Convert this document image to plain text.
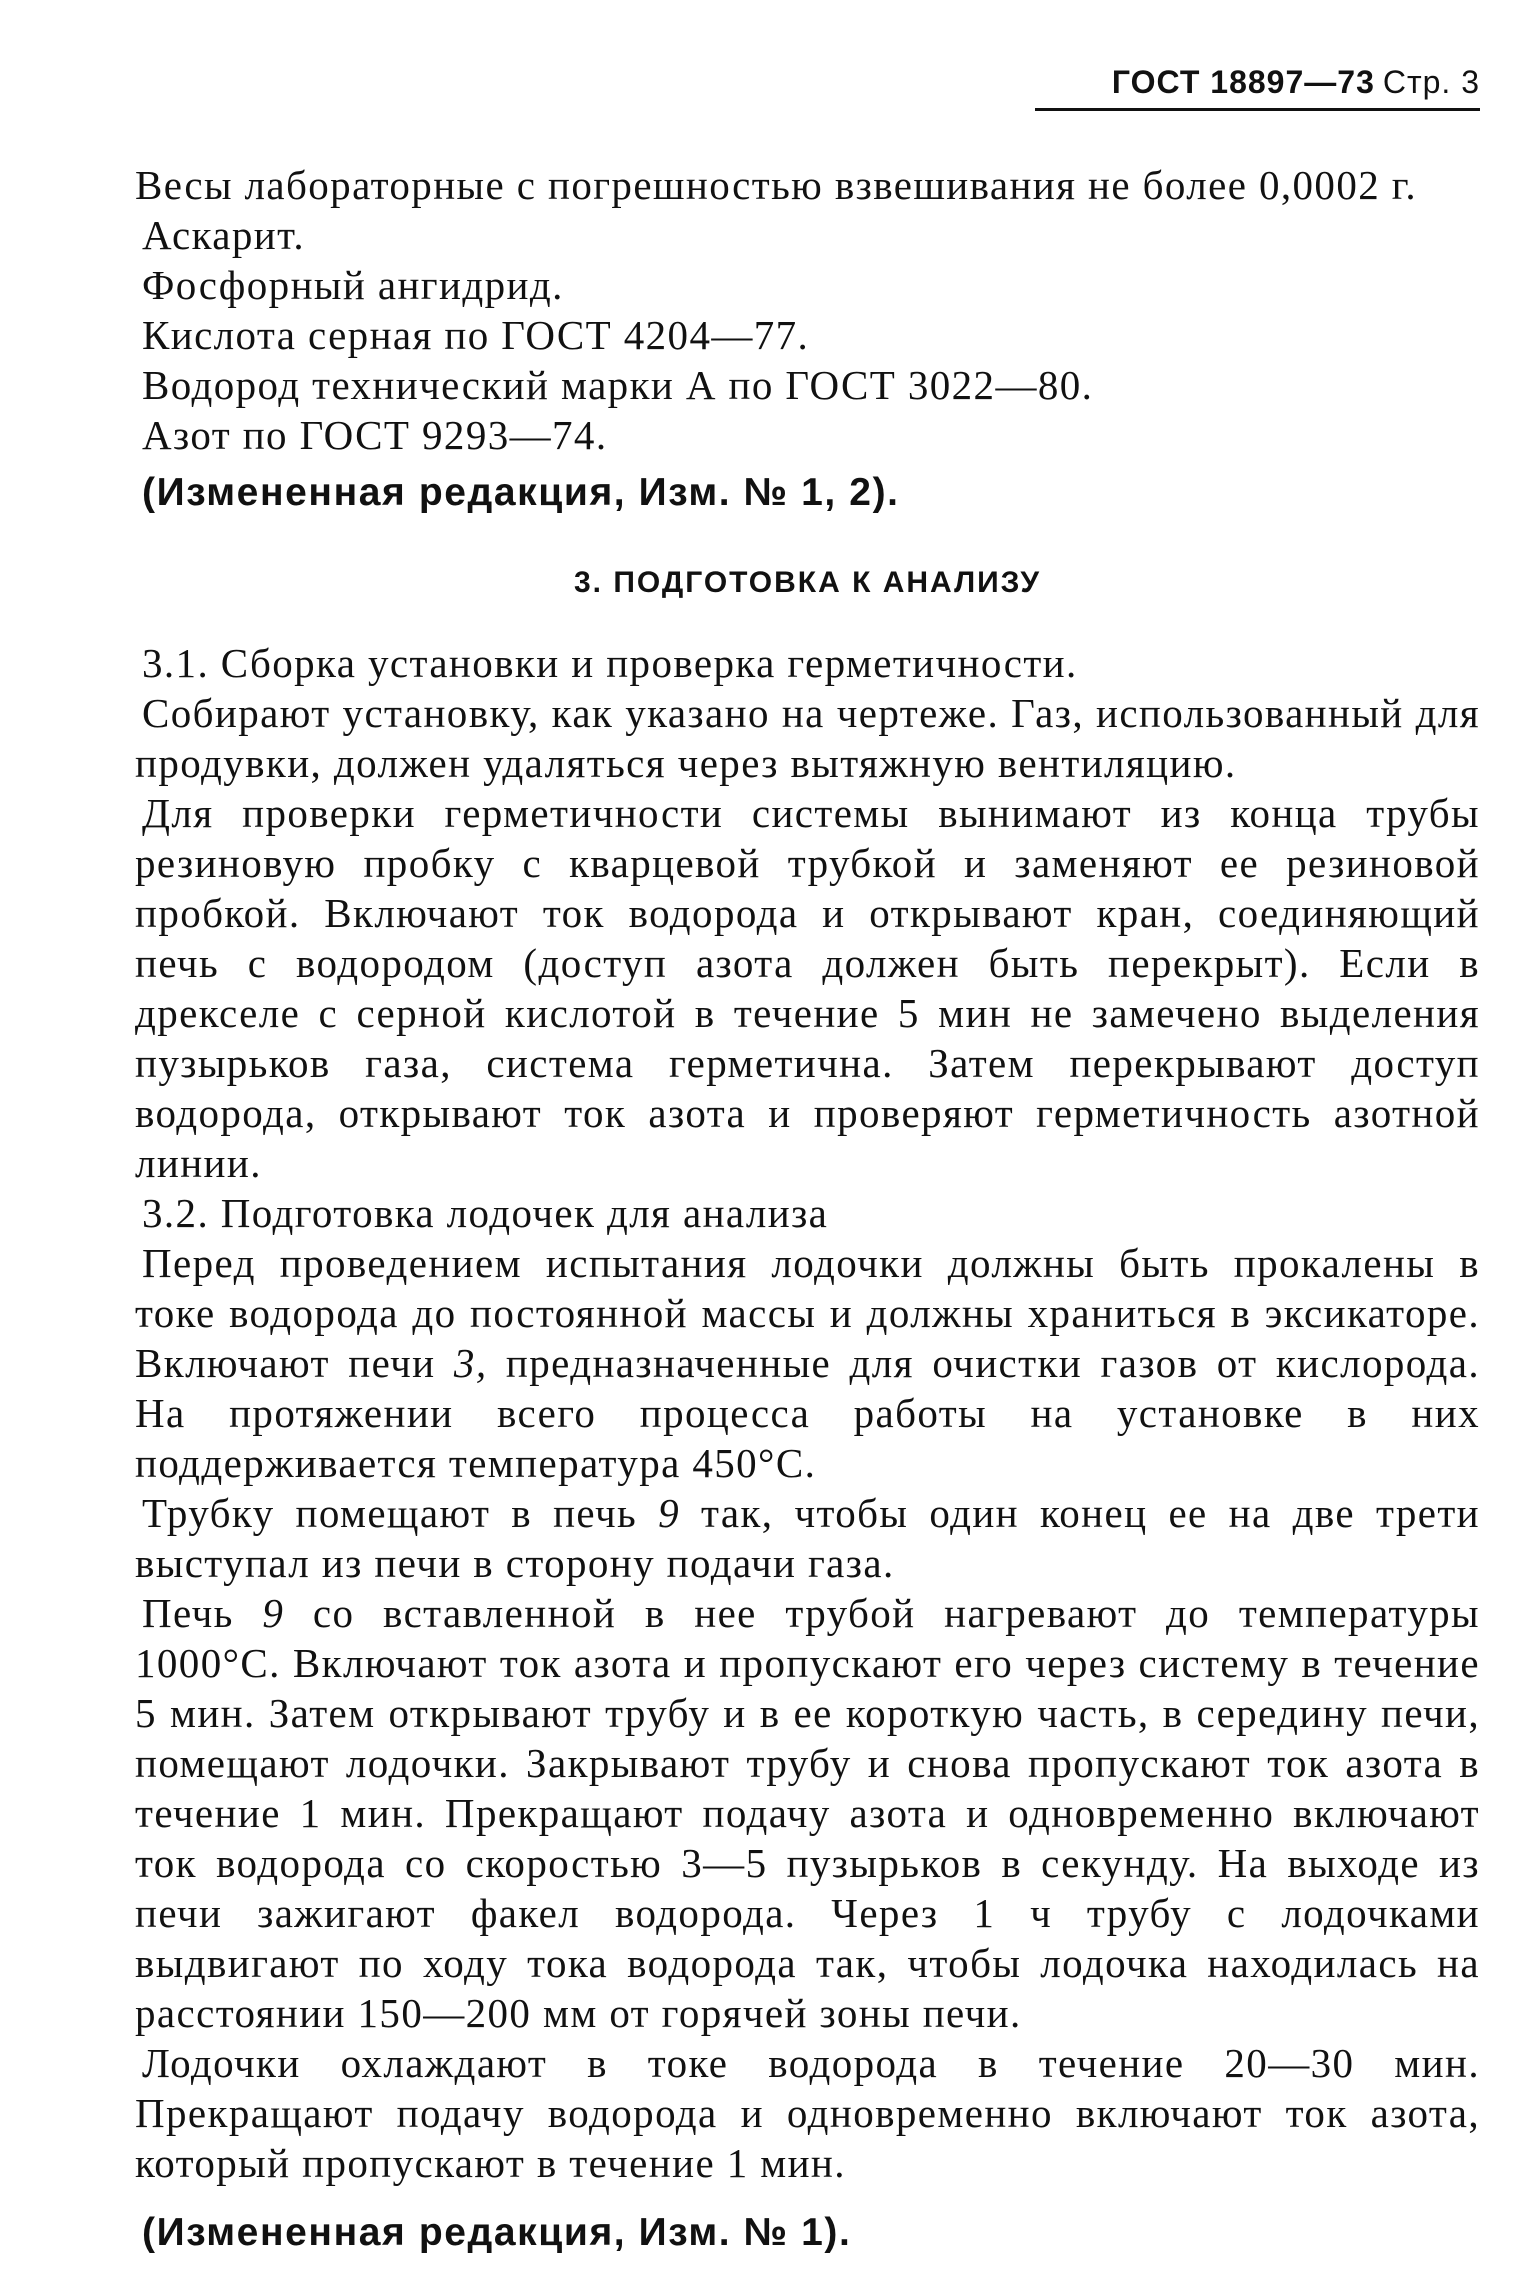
ГОСТ 18897—73 Стр. 3

Весы лабораторные с погрешностью взвешивания не более 0,0002 г.

Аскарит.

Фосфорный ангидрид.

Кислота серная по ГОСТ 4204—77.

Водород технический марки А по ГОСТ 3022—80.

Азот по ГОСТ 9293—74.

(Измененная редакция, Изм. № 1, 2).

3. ПОДГОТОВКА К АНАЛИЗУ

3.1. Сборка установки и проверка герметичности.

Собирают установку, как указано на чертеже. Газ, использованный для продувки, должен удаляться через вытяжную вентиляцию.

Для проверки герметичности системы вынимают из конца трубы резиновую пробку с кварцевой трубкой и заменяют ее резиновой пробкой. Включают ток водорода и открывают кран, соединяющий печь с водородом (доступ азота должен быть перекрыт). Если в дрекселе с серной кислотой в течение 5 мин не замечено выделения пузырьков газа, система герметична. Затем перекрывают доступ водорода, открывают ток азота и проверяют герметичность азотной линии.

3.2. Подготовка лодочек для анализа

Перед проведением испытания лодочки должны быть прокалены в токе водорода до постоянной массы и должны храниться в эксикаторе. Включают печи 3, предназначенные для очистки газов от кислорода. На протяжении всего процесса работы на установке в них поддерживается температура 450°С.

Трубку помещают в печь 9 так, чтобы один конец ее на две трети выступал из печи в сторону подачи газа.

Печь 9 со вставленной в нее трубой нагревают до температуры 1000°С. Включают ток азота и пропускают его через систему в течение 5 мин. Затем открывают трубу и в ее короткую часть, в середину печи, помещают лодочки. Закрывают трубу и снова пропускают ток азота в течение 1 мин. Прекращают подачу азота и одновременно включают ток водорода со скоростью 3—5 пузырьков в секунду. На выходе из печи зажигают факел водорода. Через 1 ч трубу с лодочками выдвигают по ходу тока водорода так, чтобы лодочка находилась на расстоянии 150—200 мм от горячей зоны печи.

Лодочки охлаждают в токе водорода в течение 20—30 мин. Прекращают подачу водорода и одновременно включают ток азота, который пропускают в течение 1 мин.

(Измененная редакция, Изм. № 1).
